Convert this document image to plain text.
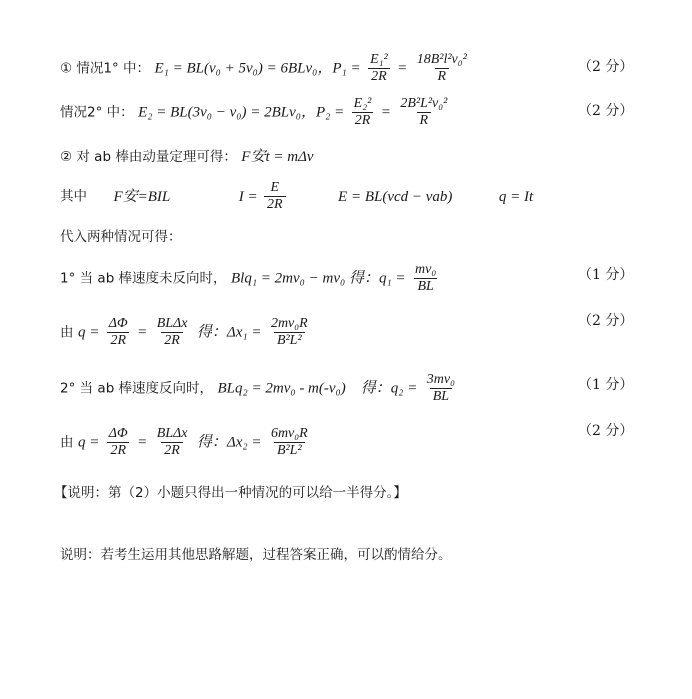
① 情况1° 中： E₁ = BL(v₀ + 5v₀) = 6BLv₀，$P_1 = \frac{\text{E₁²}}{2R} = \frac{\text{18B²l²v₀²}}{R}$	（2 分）
情况2° 中： E₂ = BL(3v₀ − v₀) = 2BLv₀，$P_2 = \frac{\text{E₂²}}{2R} = \frac{\text{2B²L²v₀²}}{R}$	（2 分）
② 对 ab 棒由动量定理可得： F安t = mΔv
其中 F安=BIL	$I = \frac{E}{2R}$	E = BL(vcd − vab)	q = It
代入两种情况可得：
1° 当 ab 棒速度未反向时， Blq₁ = 2mv₀ − mv₀ 得：$q_1 = \frac{\text{mv₀}}{BL}$	（1 分）
由 $q = \frac{\Delta\Phi}{2R} = \frac{\text{BLΔx}}{2R}$ 得：$\Delta x_1 = \frac{\text{2mv₀R}}{\text{B²L²}}$	（2 分）
2° 当 ab 棒速度反向时， BLq₂ = 2mv₀ - m(-v₀)　得：$q_2 = \frac{\text{3mv₀}}{BL}$	（1 分）
由 $q = \frac{\Delta\Phi}{2R} = \frac{\text{BLΔx}}{2R}$ 得：$\Delta x_2 = \frac{\text{6mv₀R}}{\text{B²L²}}$	（2 分）
【说明：第（2）小题只得出一种情况的可以给一半得分。】
说明：若考生运用其他思路解题，过程答案正确，可以酌情给分。
